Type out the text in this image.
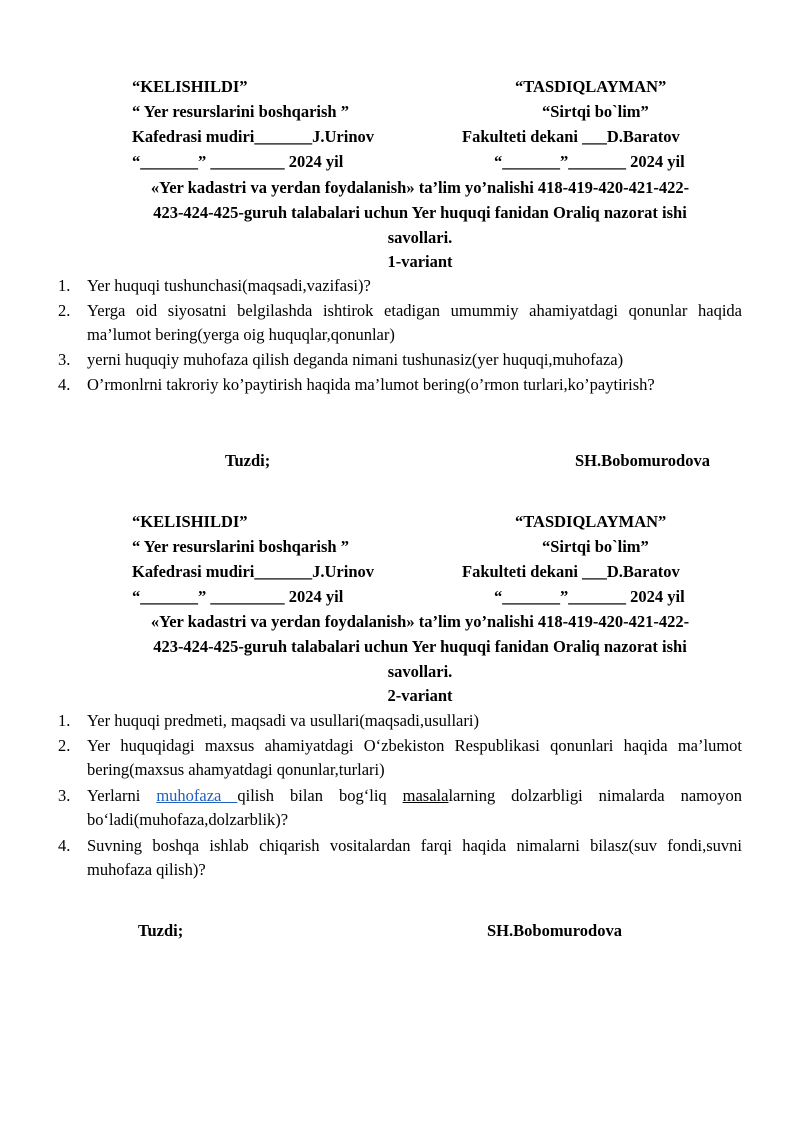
“KELISHILDI”	“TASDIQLAYMAN”
“ Yer resurslarini boshqarish ”	“Sirtqi bo`lim”
Kafedrasi mudiri_______J.Urinov	Fakulteti dekani ___D.Baratov
“_______” _________ 2024 yil	“_______”_______ 2024 yil
«Yer kadastri va yerdan foydalanish» ta’lim yo’nalishi 418-419-420-421-422-
423-424-425-guruh talabalari uchun Yer huquqi fanidan Oraliq nazorat ishi
savollari.
1-variant
1. Yer huquqi tushunchasi(maqsadi,vazifasi)?
2. Yerga oid siyosatni belgilashda ishtirok etadigan umummiy ahamiyatdagi qonunlar haqida ma’lumot bering(yerga oig huquqlar,qonunlar)
3. yerni huquqiy muhofaza qilish deganda nimani tushunasiz(yer huquqi,muhofaza)
4. O’rmonlrni takroriy ko’paytirish haqida ma’lumot bering(o’rmon turlari,ko’paytirish?
Tuzdi;	SH.Bobomurodova
“KELISHILDI”	“TASDIQLAYMAN”
“ Yer resurslarini boshqarish ”	“Sirtqi bo`lim”
Kafedrasi mudiri_______J.Urinov	Fakulteti dekani ___D.Baratov
“_______” _________ 2024 yil	“_______”_______ 2024 yil
«Yer kadastri va yerdan foydalanish» ta’lim yo’nalishi 418-419-420-421-422-
423-424-425-guruh talabalari uchun Yer huquqi fanidan Oraliq nazorat ishi
savollari.
2-variant
1. Yer huquqi predmeti, maqsadi va usullari(maqsadi,usullari)
2. Yer huquqidagi maxsus ahamiyatdagi O‘zbekiston Respublikasi qonunlari haqida ma’lumot bering(maxsus ahamyatdagi qonunlar,turlari)
3. Yerlarni muhofaza qilish bilan bog‘liq masalalarning dolzarbligi nimalarda namoyon bo‘ladi(muhofaza,dolzarblik)?
4. Suvning boshqa ishlab chiqarish vositalardan farqi haqida nimalarni bilasz(suv fondi,suvni muhofaza qilish)?
Tuzdi;	SH.Bobomurodova
